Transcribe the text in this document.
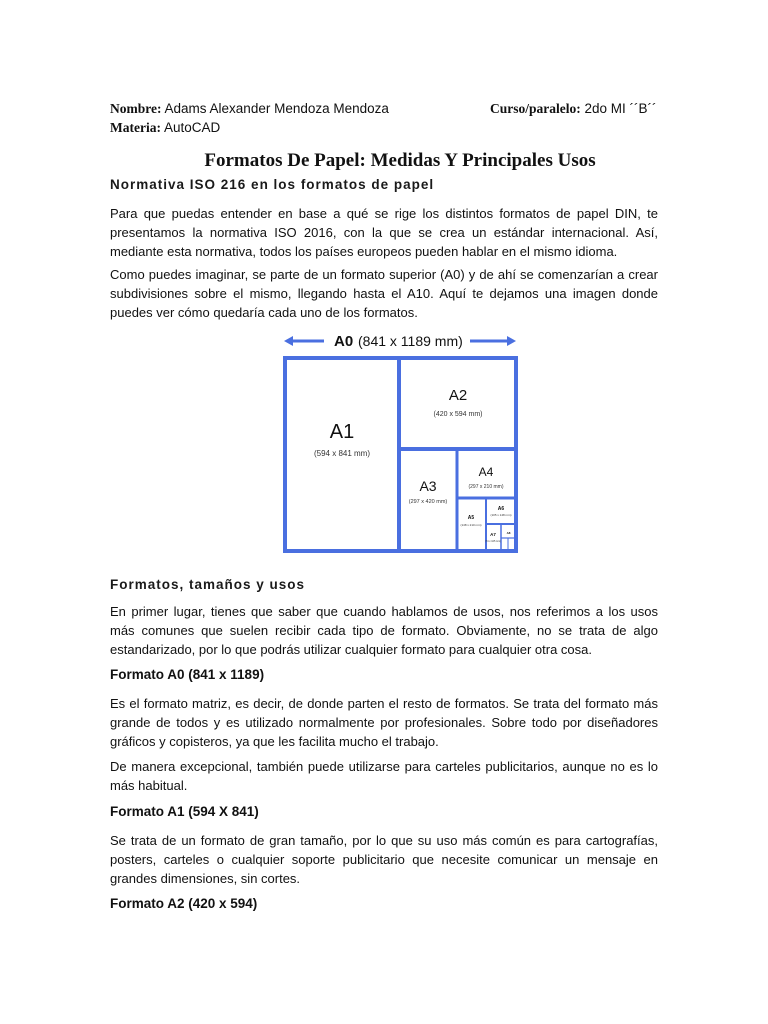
Nombre: Adams Alexander Mendoza Mendoza	Curso/paralelo: 2do MI ´´B´´
Materia: AutoCAD
Formatos De Papel: Medidas Y Principales Usos
Normativa ISO 216 en los formatos de papel
Para que puedas entender en base a qué se rige los distintos formatos de papel DIN, te presentamos la normativa ISO 2016, con la que se crea un estándar internacional. Así, mediante esta normativa, todos los países europeos pueden hablar en el mismo idioma.
Como puedes imaginar, se parte de un formato superior (A0) y de ahí se comenzarían a crear subdivisiones sobre el mismo, llegando hasta el A10. Aquí te dejamos una imagen donde puedes ver cómo quedaría cada uno de los formatos.
A0 (841 x 1189 mm)
A1
(594 x 841 mm)
A2
(420 x 594 mm)
A3
(297 x 420 mm)
A4
(297 x 210 mm)
A5
(148 x 210 mm)
A6
(105 x 148 mm)
A7
(74 x 105 mm)
A8
Formatos, tamaños y usos
En primer lugar, tienes que saber que cuando hablamos de usos, nos referimos a los usos más comunes que suelen recibir cada tipo de formato. Obviamente, no se trata de algo estandarizado, por lo que podrás utilizar cualquier formato para cualquier otra cosa.
Formato A0 (841 x 1189)
Es el formato matriz, es decir, de donde parten el resto de formatos. Se trata del formato más grande de todos y es utilizado normalmente por profesionales. Sobre todo por diseñadores gráficos y copisteros, ya que les facilita mucho el trabajo.
De manera excepcional, también puede utilizarse para carteles publicitarios, aunque no es lo más habitual.
Formato A1 (594 X 841)
Se trata de un formato de gran tamaño, por lo que su uso más común es para cartografías, posters, carteles o cualquier soporte publicitario que necesite comunicar un mensaje en grandes dimensiones, sin cortes.
Formato A2 (420 x 594)
